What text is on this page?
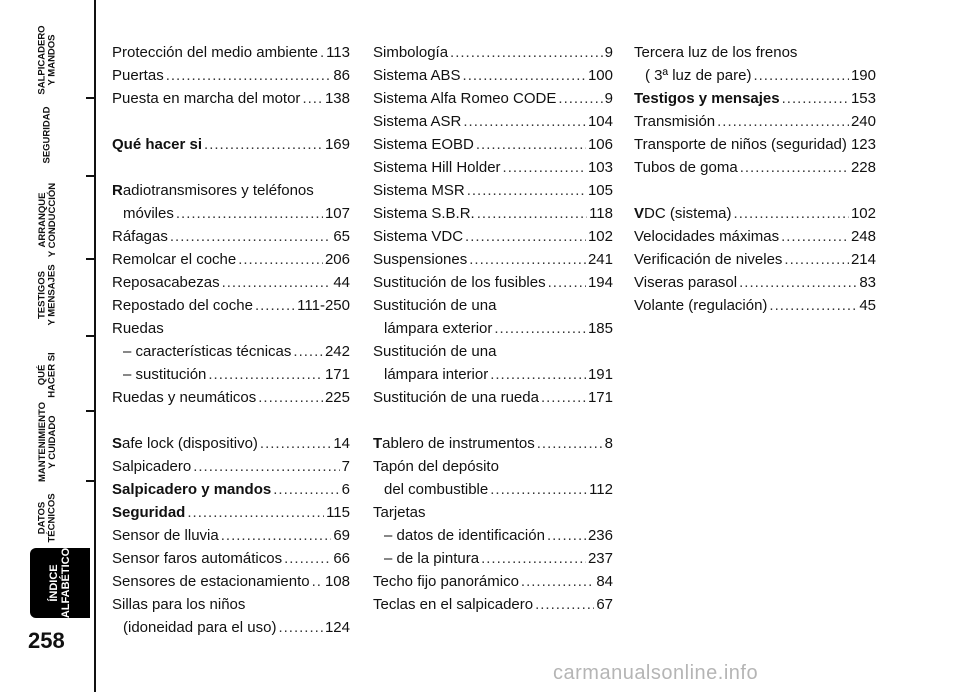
SALPICADERO
Y MANDOS
SEGURIDAD
ARRANQUE
Y CONDUCCIÓN
TESTIGOS
Y MENSAJES
QUÉ
HACER SI
MANTENIMIENTO
Y CUIDADO
DATOS
TÉCNICOS
ÍNDICE
ALFABÉTICO
258
Protección del medio ambiente ..... 113
Puertas .....	86
Puesta en marcha del motor ..... 138
Qué hacer si .....	169
Radiotransmisores y teléfonos
móviles .....	107
Ráfagas .....	65
Remolcar el coche .....	206
Reposacabezas .....	44
Repostado del coche .....	111-250
Ruedas
– características técnicas ..... 242
– sustitución .....	171
Ruedas y neumáticos .....	225
Safe lock (dispositivo) .....	14
Salpicadero .....	7
Salpicadero y mandos .....	6
Seguridad .....	115
Sensor de lluvia .....	69
Sensor faros automáticos .....	66
Sensores de estacionamiento ..... 108
Sillas para los niños
(idoneidad para el uso) .....	124
Simbología .....	9
Sistema ABS .....	100
Sistema Alfa Romeo CODE .....	9
Sistema ASR .....	104
Sistema EOBD .....	106
Sistema Hill Holder .....	103
Sistema MSR .....	105
Sistema S.B.R. .....	118
Sistema VDC .....	102
Suspensiones .....	241
Sustitución de los fusibles .....	194
Sustitución de una
lámpara exterior .....	185
Sustitución de una
lámpara interior .....	191
Sustitución de una rueda .....	171
Tablero de instrumentos .....	8
Tapón del depósito
del combustible .....	112
Tarjetas
– datos de identificación .....	236
– de la pintura .....	237
Techo fijo panorámico .....	84
Teclas en el salpicadero .....	67
Tercera luz de los frenos
( 3ª luz de pare) .....	190
Testigos y mensajes .....	153
Transmisión .....	240
Transporte de niños (seguridad) ..... 123
Tubos de goma .....	228
VDC (sistema) .....	102
Velocidades máximas .....	248
Verificación de niveles .....	214
Viseras parasol .....	83
Volante (regulación) .....	45
carmanualsonline.info
